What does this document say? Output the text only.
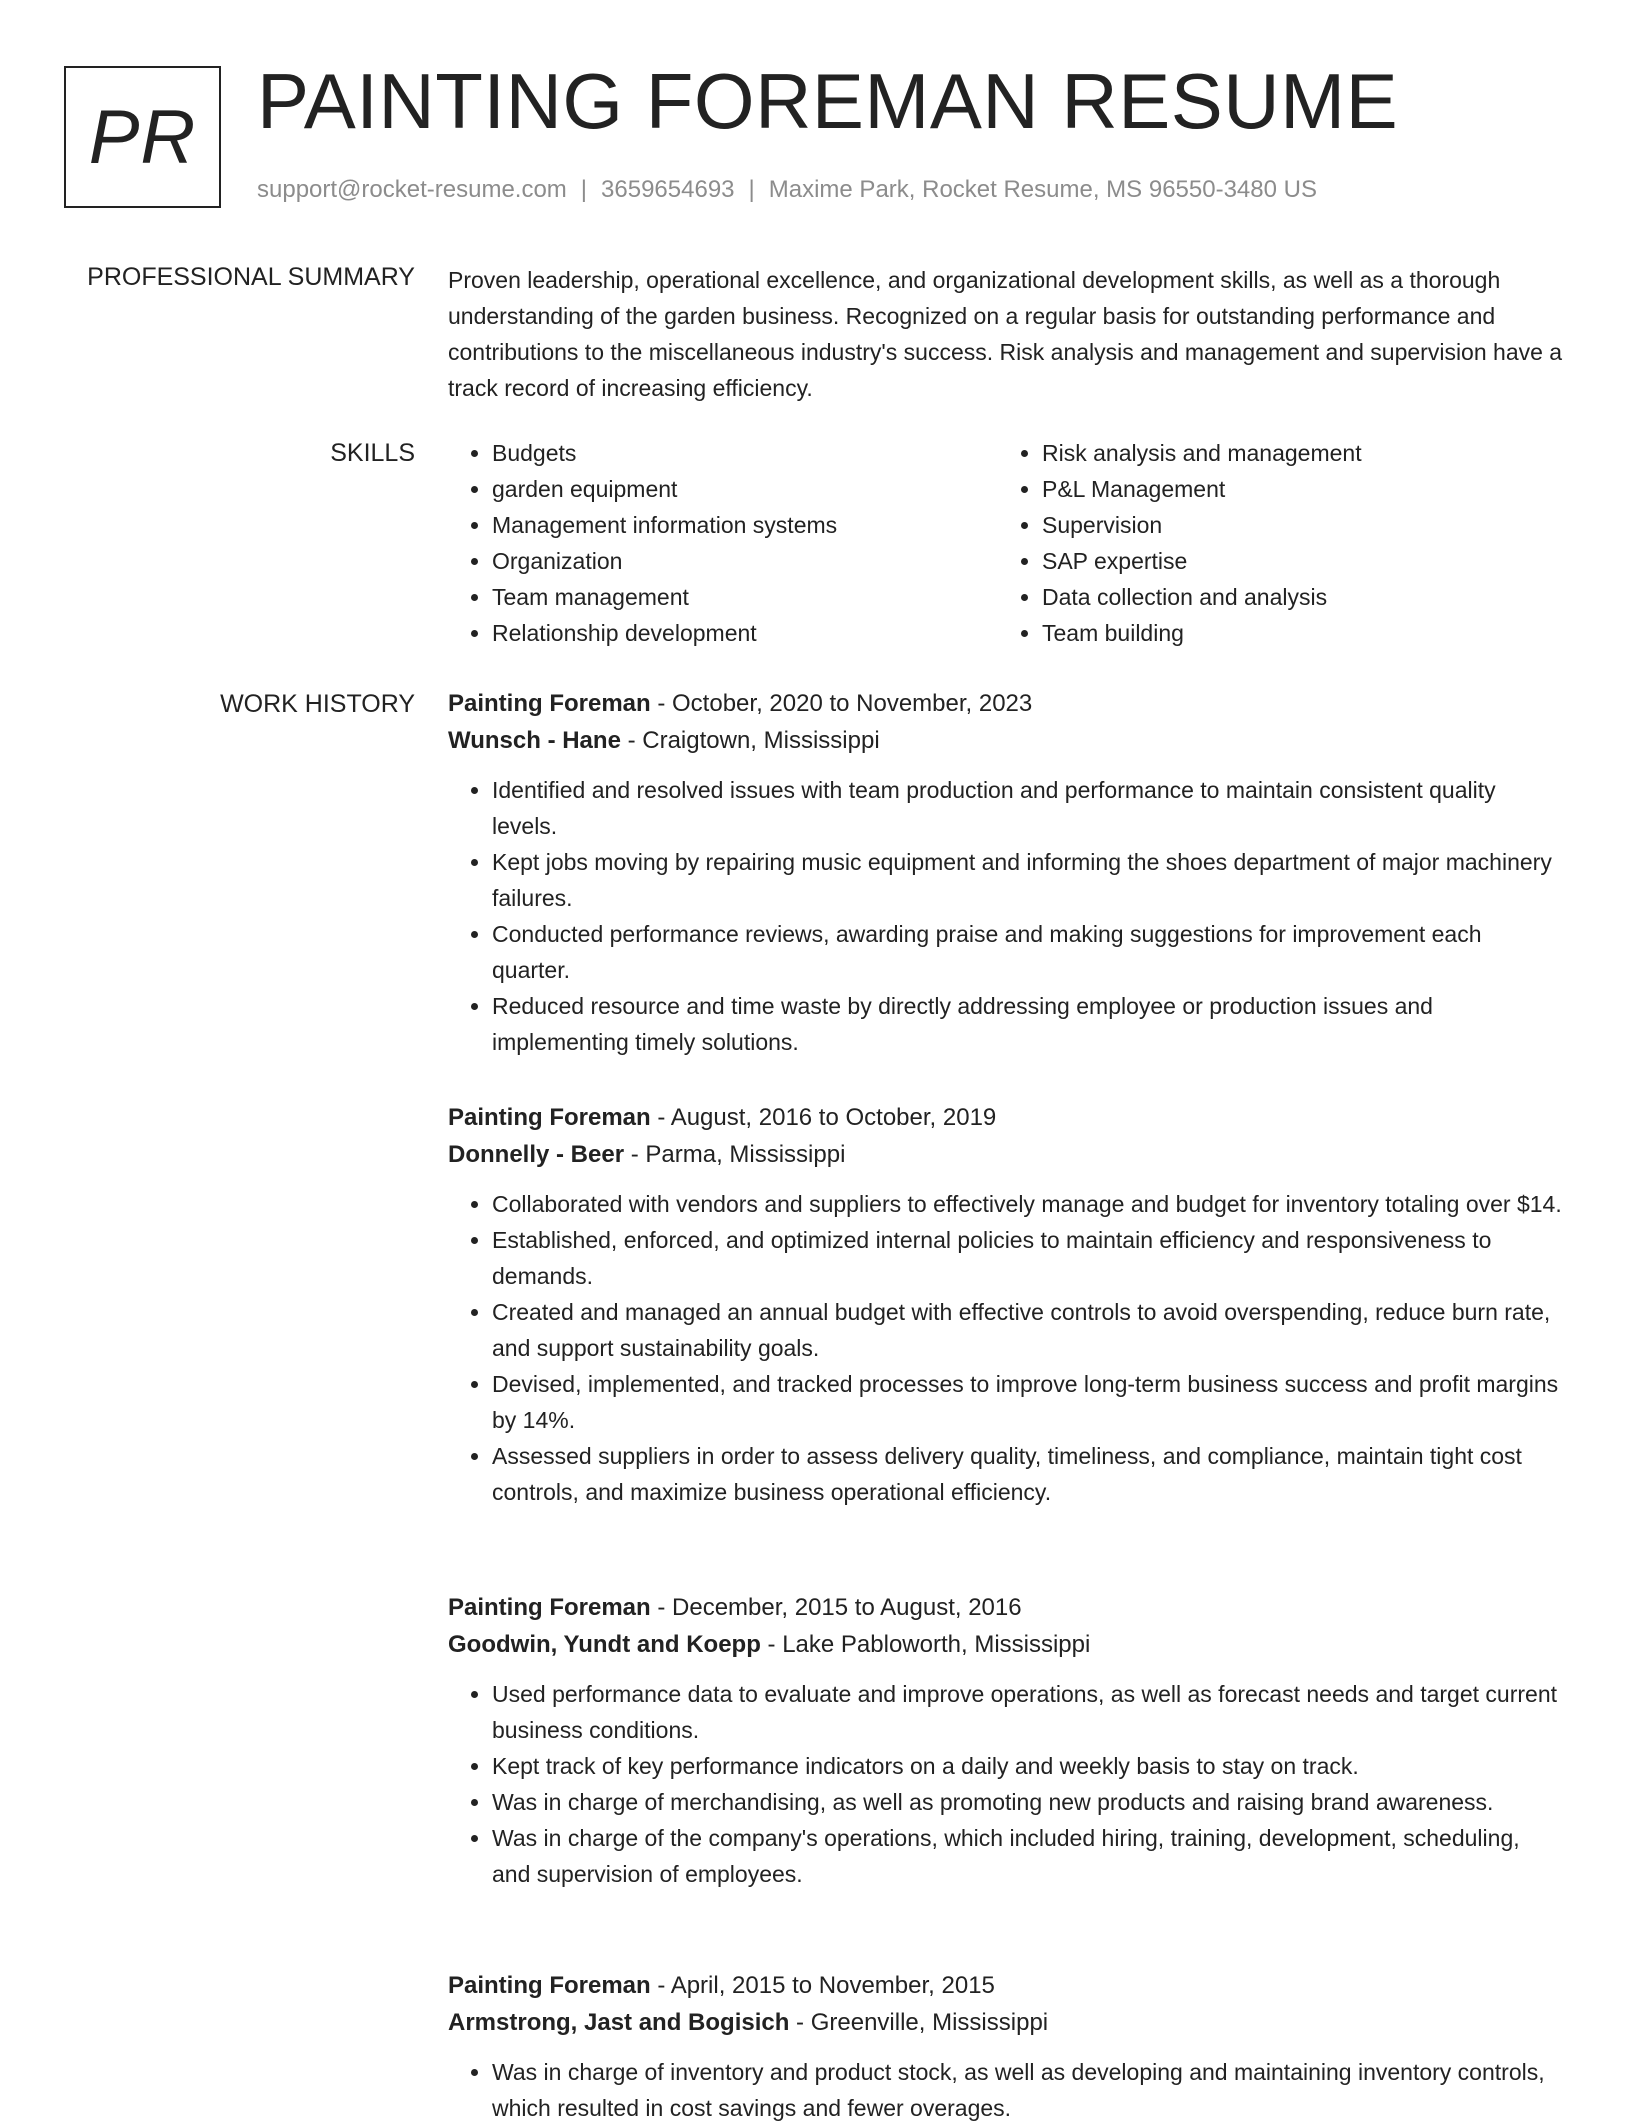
PR PAINTING FOREMAN RESUME
support@rocket-resume.com | 3659654693 | Maxime Park, Rocket Resume, MS 96550-3480 US
PROFESSIONAL SUMMARY Proven leadership, operational excellence, and organizational development skills, as well as a thorough understanding of the garden business. Recognized on a regular basis for outstanding performance and contributions to the miscellaneous industry's success. Risk analysis and management and supervision have a track record of increasing efficiency.

SKILLS
•	Budgets
• garden equipment
• Management information systems
• Organization
• Team management
• Relationship development
• Risk analysis and management
• P&L Management
• Supervision
• SAP expertise
• Data collection and analysis
• Team building
WORK HISTORY Painting Foreman - October, 2020 to November, 2023

Wunsch - Hane - Craigtown, Mississippi

• Identified and resolved issues with team production and performance to maintain consistent quality levels.
• Kept jobs moving by repairing music equipment and informing the shoes department of major machinery failures.
• Conducted performance reviews, awarding praise and making suggestions for improvement each quarter.
• Reduced resource and time waste by directly addressing employee or production issues and implementing timely solutions.

Painting Foreman - August, 2016 to October, 2019

Donnelly - Beer - Parma, Mississippi

• Collaborated with vendors and suppliers to effectively manage and budget for inventory totaling over $14.
• Established, enforced, and optimized internal policies to maintain efficiency and responsiveness to demands.
• Created and managed an annual budget with effective controls to avoid overspending, reduce burn rate, and support sustainability goals.
• Devised, implemented, and tracked processes to improve long-term business success and profit margins by 14%.
• Assessed suppliers in order to assess delivery quality, timeliness, and compliance, maintain tight cost controls, and maximize business operational efficiency.

Painting Foreman - December, 2015 to August, 2016

Goodwin, Yundt and Koepp - Lake Pabloworth, Mississippi

• Used performance data to evaluate and improve operations, as well as forecast needs and target current business conditions.
• Kept track of key performance indicators on a daily and weekly basis to stay on track.
• Was in charge of merchandising, as well as promoting new products and raising brand awareness.
• Was in charge of the company's operations, which included hiring, training, development, scheduling, and supervision of employees.

Painting Foreman - April, 2015 to November, 2015

Armstrong, Jast and Bogisich - Greenville, Mississippi

• Was in charge of inventory and product stock, as well as developing and maintaining inventory controls, which resulted in cost savings and fewer overages.
